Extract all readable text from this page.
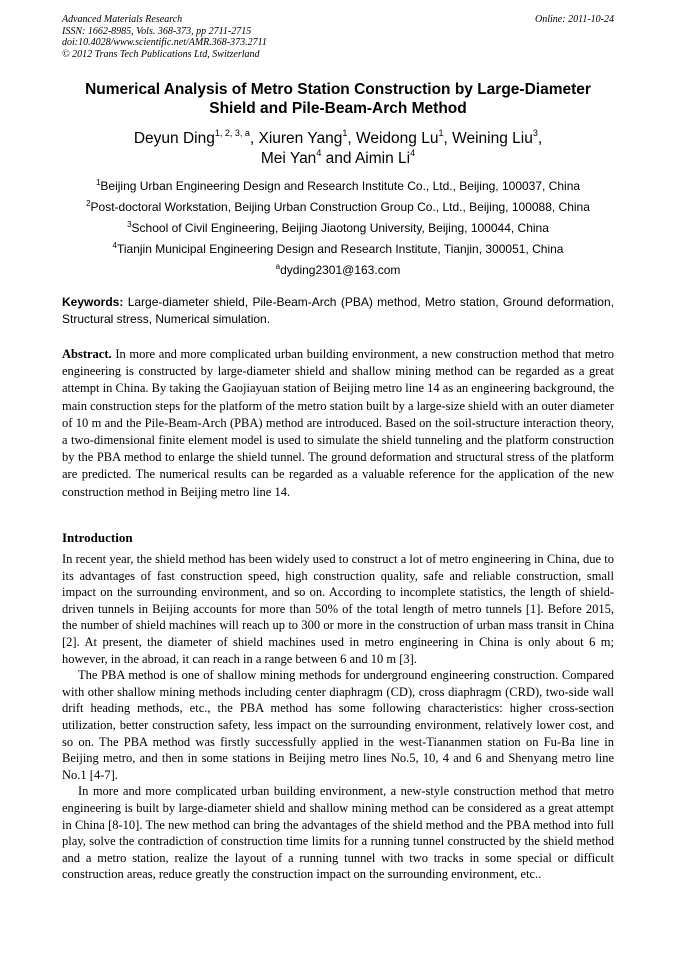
Advanced Materials Research
ISSN: 1662-8985, Vols. 368-373, pp 2711-2715
doi:10.4028/www.scientific.net/AMR.368-373.2711
© 2012 Trans Tech Publications Ltd, Switzerland
Online: 2011-10-24
Numerical Analysis of Metro Station Construction by Large-Diameter Shield and Pile-Beam-Arch Method
Deyun Ding$^{1, 2, 3, a}$, Xiuren Yang$^1$, Weidong Lu$^1$, Weining Liu$^3$,
Mei Yan$^4$ and Aimin Li$^4$
$^1$Beijing Urban Engineering Design and Research Institute Co., Ltd., Beijing, 100037, China
$^2$Post-doctoral Workstation, Beijing Urban Construction Group Co., Ltd., Beijing, 100088, China
$^3$School of Civil Engineering, Beijing Jiaotong University, Beijing, 100044, China
$^4$Tianjin Municipal Engineering Design and Research Institute, Tianjin, 300051, China
$^a$dyding2301@163.com
Keywords: Large-diameter shield, Pile-Beam-Arch (PBA) method, Metro station, Ground deformation, Structural stress, Numerical simulation.
Abstract. In more and more complicated urban building environment, a new construction method that metro engineering is constructed by large-diameter shield and shallow mining method can be regarded as a great attempt in China. By taking the Gaojiayuan station of Beijing metro line 14 as an engineering background, the main construction steps for the platform of the metro station built by a large-size shield with an outer diameter of 10 m and the Pile-Beam-Arch (PBA) method are introduced. Based on the soil-structure interaction theory, a two-dimensional finite element model is used to simulate the shield tunneling and the platform construction by the PBA method to enlarge the shield tunnel. The ground deformation and structural stress of the platform are predicted. The numerical results can be regarded as a valuable reference for the application of the new construction method in Beijing metro line 14.
Introduction

In recent year, the shield method has been widely used to construct a lot of metro engineering in China, due to its advantages of fast construction speed, high construction quality, safe and reliable construction, small impact on the surrounding environment, and so on. According to incomplete statistics, the length of shield-driven tunnels in Beijing accounts for more than 50% of the total length of metro tunnels [1]. Before 2015, the number of shield machines will reach up to 300 or more in the construction of urban mass transit in China [2]. At present, the diameter of shield machines used in metro engineering in China is only about 6 m; however, in the abroad, it can reach in a range between 6 and 10 m [3].

The PBA method is one of shallow mining methods for underground engineering construction. Compared with other shallow mining methods including center diaphragm (CD), cross diaphragm (CRD), two-side wall drift heading methods, etc., the PBA method has some following characteristics: higher cross-section utilization, better construction safety, less impact on the surrounding environment, relatively lower cost, and so on. The PBA method was firstly successfully applied in the west-Tiananmen station on Fu-Ba line in Beijing metro, and then in some stations in Beijing metro lines No.5, 10, 4 and 6 and Shenyang metro line No.1 [4-7].

In more and more complicated urban building environment, a new-style construction method that metro engineering is built by large-diameter shield and shallow mining method can be considered as a great attempt in China [8-10]. The new method can bring the advantages of the shield method and the PBA method into full play, solve the contradiction of construction time limits for a running tunnel constructed by the shield method and a metro station, realize the layout of a running tunnel with two tracks in some special or difficult construction areas, reduce greatly the construction impact on the surrounding environment, etc..
